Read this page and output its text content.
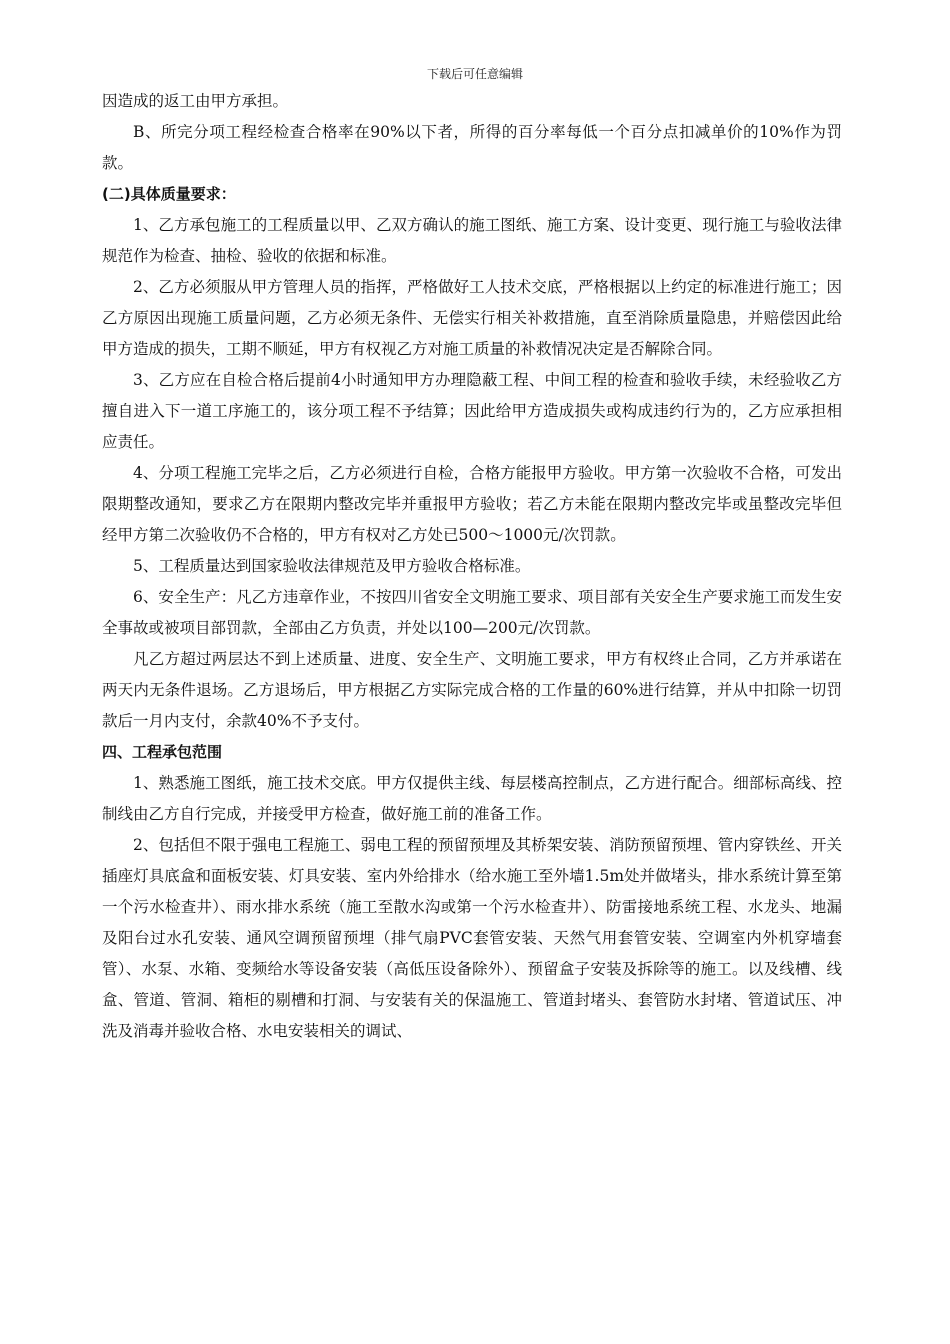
下载后可任意编辑

因造成的返工由甲方承担。

B、所完分项工程经检查合格率在90%以下者，所得的百分率每低一个百分点扣减单价的10%作为罚款。

(二)具体质量要求：

1、乙方承包施工的工程质量以甲、乙双方确认的施工图纸、施工方案、设计变更、现行施工与验收法律规范作为检查、抽检、验收的依据和标准。

2、乙方必须服从甲方管理人员的指挥，严格做好工人技术交底，严格根据以上约定的标准进行施工；因乙方原因出现施工质量问题，乙方必须无条件、无偿实行相关补救措施，直至消除质量隐患，并赔偿因此给甲方造成的损失，工期不顺延，甲方有权视乙方对施工质量的补救情况决定是否解除合同。

3、乙方应在自检合格后提前4小时通知甲方办理隐蔽工程、中间工程的检查和验收手续，未经验收乙方擅自进入下一道工序施工的，该分项工程不予结算；因此给甲方造成损失或构成违约行为的，乙方应承担相应责任。

4、分项工程施工完毕之后，乙方必须进行自检，合格方能报甲方验收。甲方第一次验收不合格，可发出限期整改通知，要求乙方在限期内整改完毕并重报甲方验收；若乙方未能在限期内整改完毕或虽整改完毕但经甲方第二次验收仍不合格的，甲方有权对乙方处已500～1000元/次罚款。

5、工程质量达到国家验收法律规范及甲方验收合格标准。

6、安全生产：凡乙方违章作业，不按四川省安全文明施工要求、项目部有关安全生产要求施工而发生安全事故或被项目部罚款，全部由乙方负责，并处以100—200元/次罚款。

凡乙方超过两层达不到上述质量、进度、安全生产、文明施工要求，甲方有权终止合同，乙方并承诺在两天内无条件退场。乙方退场后，甲方根据乙方实际完成合格的工作量的60%进行结算，并从中扣除一切罚款后一月内支付，余款40%不予支付。

四、工程承包范围

1、熟悉施工图纸，施工技术交底。甲方仅提供主线、每层楼高控制点，乙方进行配合。细部标高线、控制线由乙方自行完成，并接受甲方检查，做好施工前的准备工作。

2、包括但不限于强电工程施工、弱电工程的预留预埋及其桥架安装、消防预留预埋、管内穿铁丝、开关插座灯具底盒和面板安装、灯具安装、室内外给排水（给水施工至外墙1.5m处并做堵头，排水系统计算至第一个污水检查井）、雨水排水系统（施工至散水沟或第一个污水检查井）、防雷接地系统工程、水龙头、地漏及阳台过水孔安装、通风空调预留预埋（排气扇PVC套管安装、天然气用套管安装、空调室内外机穿墙套管）、水泵、水箱、变频给水等设备安装（高低压设备除外）、预留盒子安装及拆除等的施工。以及线槽、线盒、管道、管洞、箱柜的剔槽和打洞、与安装有关的保温施工、管道封堵头、套管防水封堵、管道试压、冲洗及消毒并验收合格、水电安装相关的调试、
